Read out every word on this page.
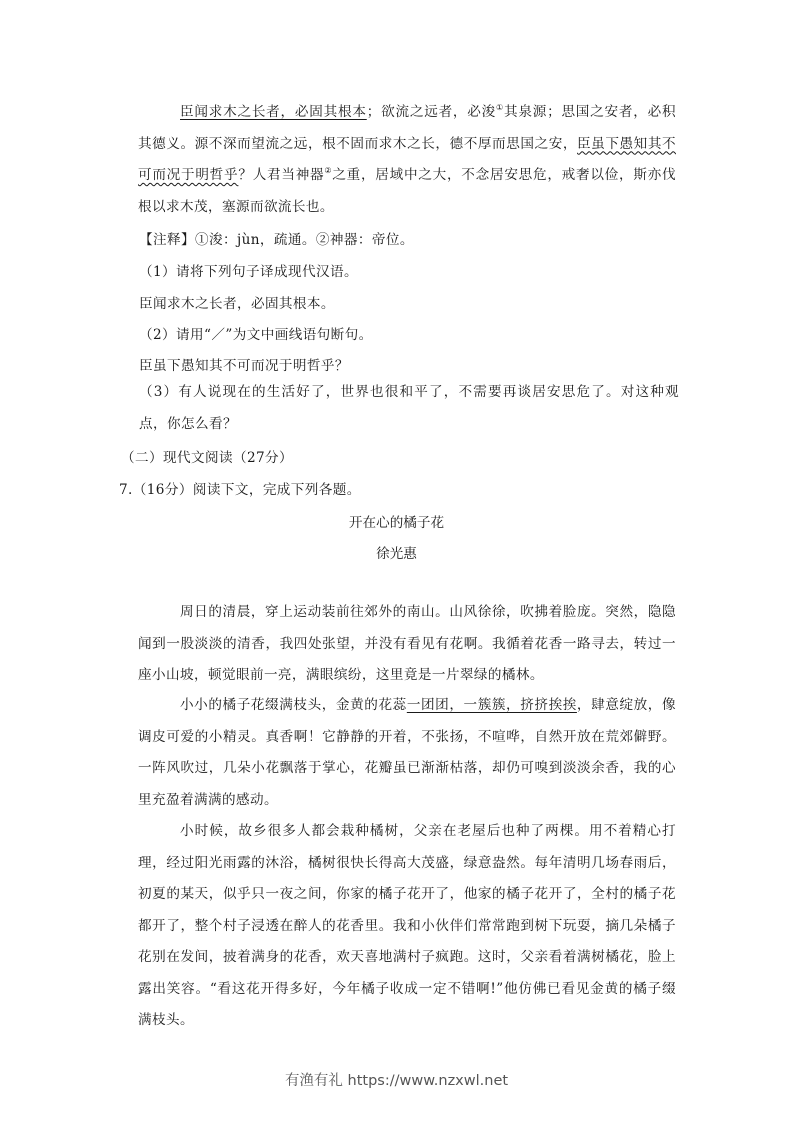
臣闻求木之长者，必固其根本；欲流之远者，必浚①其泉源；思国之安者，必积其德义。源不深而望流之远，根不固而求木之长，德不厚而思国之安，臣虽下愚知其不可而况于明哲乎？人君当神器②之重，居域中之大，不念居安思危，戒奢以俭，斯亦伐根以求木茂，塞源而欲流长也。
【注释】①浚：jùn，疏通。②神器：帝位。
（1）请将下列句子译成现代汉语。
臣闻求木之长者，必固其根本。
（2）请用“／”为文中画线语句断句。
臣虽下愚知其不可而况于明哲乎？
（3）有人说现在的生活好了，世界也很和平了，不需要再谈居安思危了。对这种观点，你怎么看？
（二）现代文阅读（27分）
7.（16分）阅读下文，完成下列各题。
开在心的橘子花
徐光惠
周日的清晨，穿上运动装前往郊外的南山。山风徐徐，吹拂着脸庞。突然，隐隐闻到一股淡淡的清香，我四处张望，并没有看见有花啊。我循着花香一路寻去，转过一座小山坡，顿觉眼前一亮，满眼缤纷，这里竟是一片翠绿的橘林。
小小的橘子花缀满枝头，金黄的花蕊一团团，一簇簇，挤挤挨挨，肆意绽放，像调皮可爱的小精灵。真香啊！它静静的开着，不张扬，不喧哗，自然开放在荒郊僻野。一阵风吹过，几朵小花飘落于掌心，花瓣虽已渐渐枯落，却仍可嗅到淡淡余香，我的心里充盈着满满的感动。
小时候，故乡很多人都会栽种橘树，父亲在老屋后也种了两棵。用不着精心打理，经过阳光雨露的沐浴，橘树很快长得高大茂盛，绿意盎然。每年清明几场春雨后，初夏的某天，似乎只一夜之间，你家的橘子花开了，他家的橘子花开了，全村的橘子花都开了，整个村子浸透在醉人的花香里。我和小伙伴们常常跑到树下玩耍，摘几朵橘子花别在发间，披着满身的花香，欢天喜地满村子疯跑。这时，父亲看着满树橘花，脸上露出笑容。“看这花开得多好，今年橘子收成一定不错啊!”他仿佛已看见金黄的橘子缀满枝头。
有渔有礼 https://www.nzxwl.net
